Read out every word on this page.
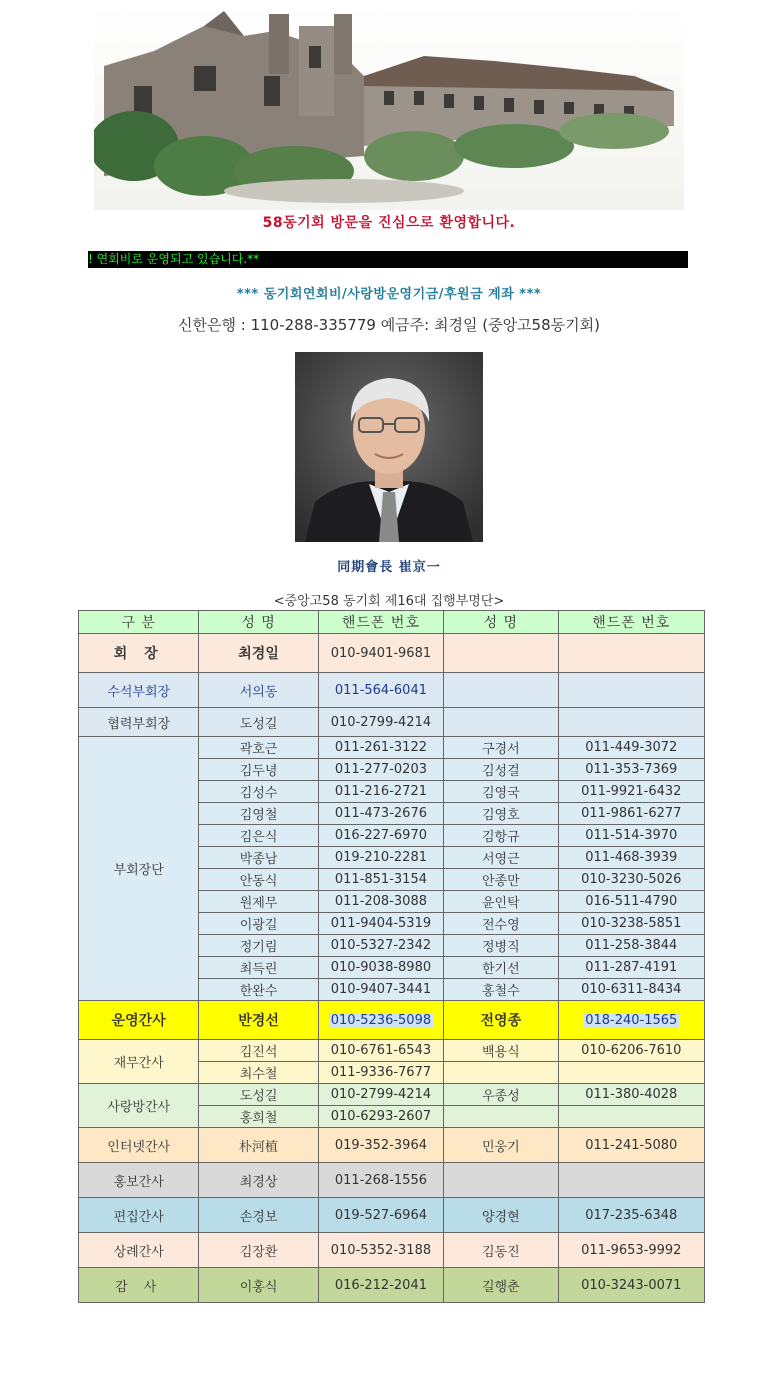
58동기회 방문을 진심으로 환영합니다.
! 연회비로 운영되고 있습니다.**
*** 동기회연회비/사랑방운영기금/후원금 계좌 ***
신한은행 : 110-288-335779 예금주: 최경일 (중앙고58동기회)
同期會長 崔京一
<중앙고58 동기회 제16대 집행부명단>
구 분	성 명	핸드폰 번호	성 명	핸드폰 번호
회 장	최경일	010-9401-9681		
수석부회장	서의동	011-564-6041		
협력부회장	도성길	010-2799-4214		
부회장단	곽호근	011-261-3122	구경서	011-449-3072
	김두녕	011-277-0203	김성걸	011-353-7369
	김성수	011-216-2721	김영국	011-9921-6432
	김영철	011-473-2676	김영호	011-9861-6277
	김은식	016-227-6970	김항규	011-514-3970
	박종남	019-210-2281	서영근	011-468-3939
	안동식	011-851-3154	안종만	010-3230-5026
	원제무	011-208-3088	윤인탁	016-511-4790
	이광길	011-9404-5319	전수영	010-3238-5851
	정기림	010-5327-2342	정병직	011-258-3844
	최득린	010-9038-8980	한기선	011-287-4191
	한완수	010-9407-3441	홍철수	010-6311-8434
운영간사	반경선	010-5236-5098	전영종	018-240-1565
재무간사	김진석	010-6761-6543	백용식	010-6206-7610
	최수철	011-9336-7677		
사랑방간사	도성길	010-2799-4214	우종성	011-380-4028
	홍희철	010-6293-2607		
인터넷간사	朴河植	019-352-3964	민웅기	011-241-5080
홍보간사	최경상	011-268-1556		
편집간사	손경보	019-527-6964	양경현	017-235-6348
상례간사	김장환	010-5352-3188	김동진	011-9653-9992
감 사	이홍식	016-212-2041	길행춘	010-3243-0071
